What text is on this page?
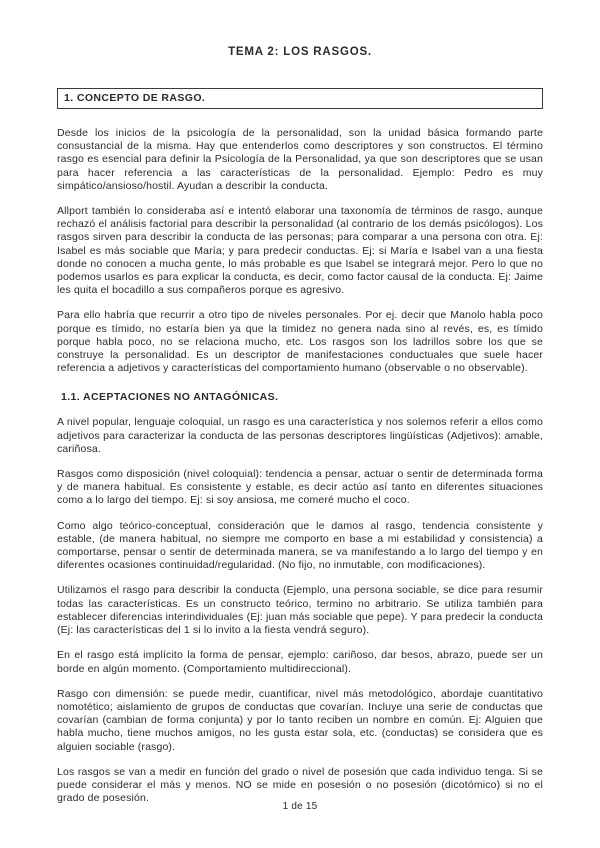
TEMA 2: LOS RASGOS.
1. CONCEPTO DE RASGO.

Desde los inicios de la psicología de la personalidad, son la unidad básica formando parte consustancial de la misma. Hay que entenderlos como descriptores y son constructos. El término rasgo es esencial para definir la Psicología de la Personalidad, ya que son descriptores que se usan para hacer referencia a las características de la personalidad. Ejemplo: Pedro es muy simpático/ansioso/hostil. Ayudan a describir la conducta.

Allport también lo consideraba así e intentó elaborar una taxonomía de términos de rasgo, aunque rechazó el análisis factorial para describir la personalidad (al contrario de los demás psicólogos). Los rasgos sirven para describir la conducta de las personas; para comparar a una persona con otra. Ej: Isabel es más sociable que María; y para predecir conductas. Ej: si María e Isabel van a una fiesta donde no conocen a mucha gente, lo más probable es que Isabel se integrará mejor. Pero lo que no podemos usarlos es para explicar la conducta, es decir, como factor causal de la conducta. Ej: Jaime les quita el bocadillo a sus compañeros porque es agresivo.

Para ello habría que recurrir a otro tipo de niveles personales. Por ej. decir que Manolo habla poco porque es tímido, no estaría bien ya que la timidez no genera nada sino al revés, es, es tímido porque habla poco, no se relaciona mucho, etc. Los rasgos son los ladrillos sobre los que se construye la personalidad. Es un descriptor de manifestaciones conductuales que suele hacer referencia a adjetivos y características del comportamiento humano (observable o no observable).

1.1. ACEPTACIONES NO ANTAGÓNICAS.

A nivel popular, lenguaje coloquial, un rasgo es una característica y nos solemos referir a ellos como adjetivos para caracterizar la conducta de las personas descriptores lingüísticas (Adjetivos): amable, cariñosa.

Rasgos como disposición (nivel coloquial): tendencia a pensar, actuar o sentir de determinada forma y de manera habitual. Es consistente y estable, es decir actúo así tanto en diferentes situaciones como a lo largo del tiempo. Ej: si soy ansiosa, me comeré mucho el coco.

Como algo teórico-conceptual, consideración que le damos al rasgo, tendencia consistente y estable, (de manera habitual, no siempre me comporto en base a mi estabilidad y consistencia) a comportarse, pensar o sentir de determinada manera, se va manifestando a lo largo del tiempo y en diferentes ocasiones continuidad/regularidad. (No fijo, no inmutable, con modificaciones).

Utilizamos el rasgo para describir la conducta (Ejemplo, una persona sociable, se dice para resumir todas las características. Es un constructo teórico, termino no arbitrario. Se utiliza también para establecer diferencias interindividuales (Ej: juan más sociable que pepe). Y para predecir la conducta (Ej: las características del 1 si lo invito a la fiesta vendrá seguro).

En el rasgo está implícito la forma de pensar, ejemplo: cariñoso, dar besos, abrazo, puede ser un borde en algún momento. (Comportamiento multidireccional).

Rasgo con dimensión: se puede medir, cuantificar, nivel más metodológico, abordaje cuantitativo nomotético; aislamiento de grupos de conductas que covarían. Incluye una serie de conductas que covarían (cambian de forma conjunta) y por lo tanto reciben un nombre en común. Ej: Alguien que habla mucho, tiene muchos amigos, no les gusta estar sola, etc. (conductas) se considera que es alguien sociable (rasgo).

Los rasgos se van a medir en función del grado o nivel de posesión que cada individuo tenga. Si se puede considerar el más y menos. NO se mide en posesión o no posesión (dicotómico) si no el grado de posesión.

1 de 15
